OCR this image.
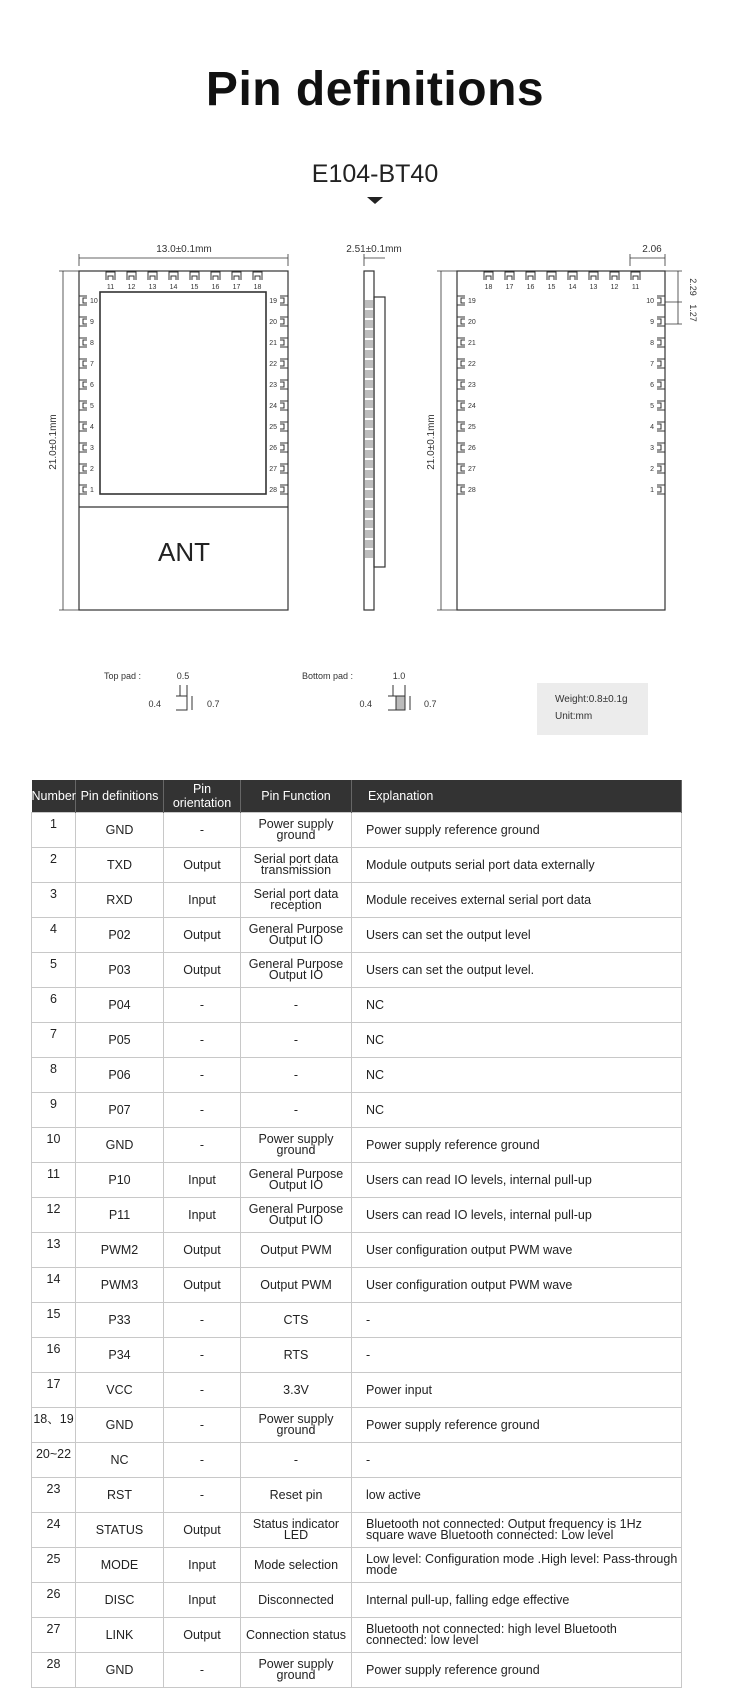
Pin definitions
E104-BT40
13.0±0.1mm
21.0±0.1mm
ANT
11 12 13 14 15 16 17 18
10
9
8
7
6
5
4
3
2
1
19
20
21
22
23
24
25
26
27
28
2.51±0.1mm	2.06
21.0±0.1mm
2.29
1.27
18 17 16 15 14 13 12 11
19
20
21
22
23
24
25
26
27
28
10
9
8
7
6
5
4
3
2
1
Top pad :	0.5
0.4	0.7
Bottom pad :	1.0
0.4	0.7	Weight:0.8±0.1g
Unit:mm
Number	Pin definitions	Pin orientation	Pin Function	Explanation
1	GND	-	Power supply ground	Power supply reference ground
2	TXD	Output	Serial port data transmission	Module outputs serial port data externally
3	RXD	Input	Serial port data reception	Module receives external serial port data
4	P02	Output	General Purpose Output IO	Users can set the output level
5	P03	Output	General Purpose Output IO	Users can set the output level.
6	P04	-	-	NC
7	P05	-	-	NC
8	P06	-	-	NC
9	P07	-	-	NC
10	GND	-	Power supply ground	Power supply reference ground
11	P10	Input	General Purpose Output IO	Users can read IO levels, internal pull-up
12	P11	Input	General Purpose Output IO	Users can read IO levels, internal pull-up
13	PWM2	Output	Output PWM	User configuration output PWM wave
14	PWM3	Output	Output PWM	User configuration output PWM wave
15	P33	-	CTS	-
16	P34	-	RTS	-
17	VCC	-	3.3V	Power input
18、19	GND	-	Power supply ground	Power supply reference ground
20~22	NC	-	-	-
23	RST	-	Reset pin	low active
24	STATUS	Output	Status indicator LED	Bluetooth not connected: Output frequency is 1Hz square wave Bluetooth connected: Low level
25	MODE	Input	Mode selection	Low level: Configuration mode .High level: Pass-through mode
26	DISC	Input	Disconnected	Internal pull-up, falling edge effective
27	LINK	Output	Connection status	Bluetooth not connected: high level Bluetooth connected: low level
28	GND	-	Power supply ground	Power supply reference ground
